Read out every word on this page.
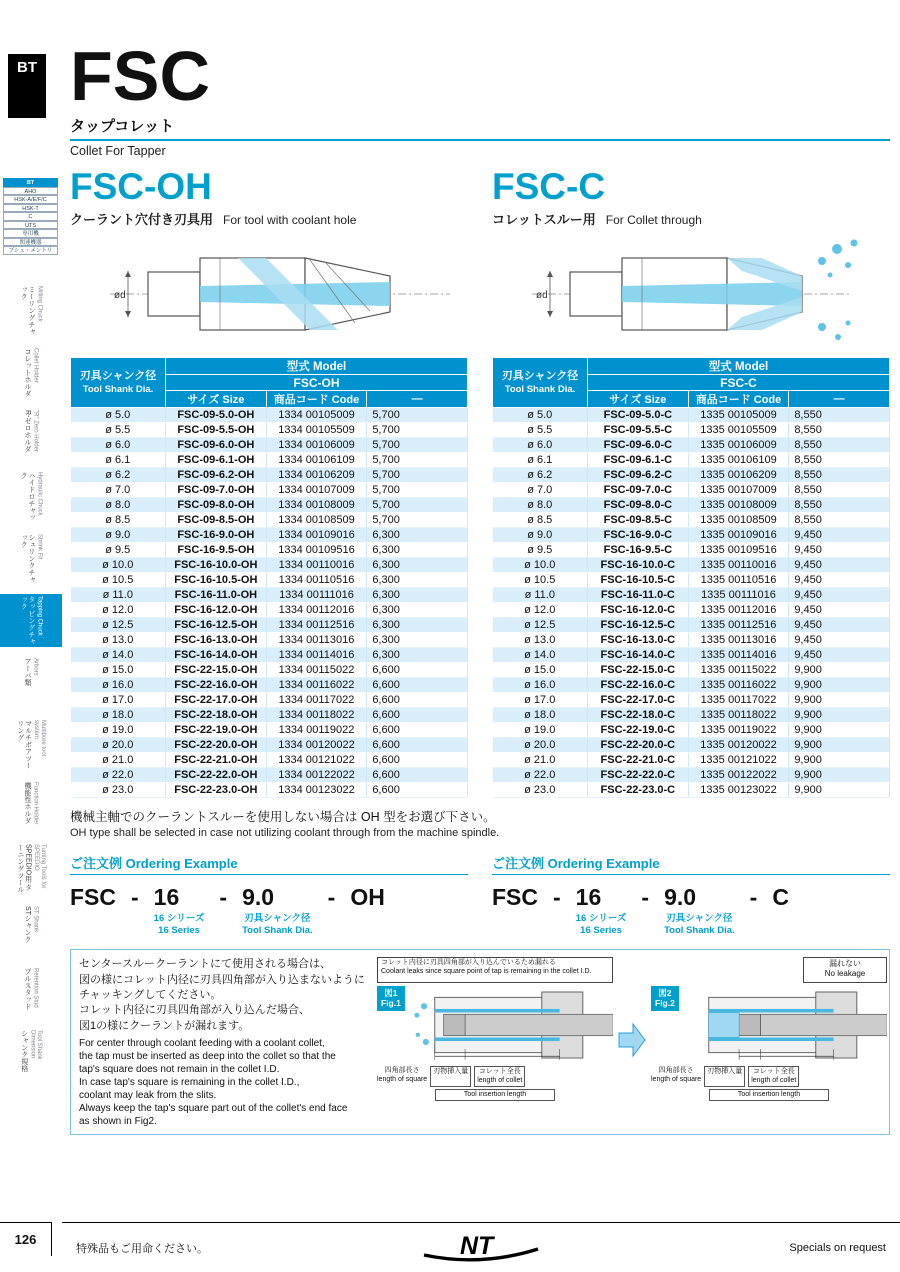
BT
BT
AHO
HSK-A/E/F/C
HSK-T
C
UTS
専用機
関連機器
ブシュ・メントリ
ミーリングチャック	Milling Chuck
コレットホルダ Collet Holder
R-ゼロホルダ "R" Zero Holder
ハイドロチャック	Hydraulic Chuck
シュリンクチャック	Shrink Fit
タッピングチャック	Tapping Chuck
アーバ類 Arbors
マルチボアツーリング	Multibore tool system
機能性ホルダ Function Holder
SPEEDIO用 ターニングツール	Turning Tools for SPEEDIO
STシャンク ST Shank
プルスタッド Retention Stud
シャンク規格	Tool Shank Dimension
126
FSC
タップコレット
Collet For Tapper
FSC-OH
クーラント穴付き刃具用 For tool with coolant hole
ød
刃具シャンク径
Tool Shank Dia.	型式 Model		
	FSC-OH		
	サイズ Size	商品コード Code	—
ø 5.0	FSC-09-5.0-OH	1334 00105009	5,700
ø 5.5	FSC-09-5.5-OH	1334 00105509	5,700
ø 6.0	FSC-09-6.0-OH	1334 00106009	5,700
ø 6.1	FSC-09-6.1-OH	1334 00106109	5,700
ø 6.2	FSC-09-6.2-OH	1334 00106209	5,700
ø 7.0	FSC-09-7.0-OH	1334 00107009	5,700
ø 8.0	FSC-09-8.0-OH	1334 00108009	5,700
ø 8.5	FSC-09-8.5-OH	1334 00108509	5,700
ø 9.0	FSC-16-9.0-OH	1334 00109016	6,300
ø 9.5	FSC-16-9.5-OH	1334 00109516	6,300
ø 10.0	FSC-16-10.0-OH	1334 00110016	6,300
ø 10.5	FSC-16-10.5-OH	1334 00110516	6,300
ø 11.0	FSC-16-11.0-OH	1334 00111016	6,300
ø 12.0	FSC-16-12.0-OH	1334 00112016	6,300
ø 12.5	FSC-16-12.5-OH	1334 00112516	6,300
ø 13.0	FSC-16-13.0-OH	1334 00113016	6,300
ø 14.0	FSC-16-14.0-OH	1334 00114016	6,300
ø 15.0	FSC-22-15.0-OH	1334 00115022	6,600
ø 16.0	FSC-22-16.0-OH	1334 00116022	6,600
ø 17.0	FSC-22-17.0-OH	1334 00117022	6,600
ø 18.0	FSC-22-18.0-OH	1334 00118022	6,600
ø 19.0	FSC-22-19.0-OH	1334 00119022	6,600
ø 20.0	FSC-22-20.0-OH	1334 00120022	6,600
ø 21.0	FSC-22-21.0-OH	1334 00121022	6,600
ø 22.0	FSC-22-22.0-OH	1334 00122022	6,600
ø 23.0	FSC-22-23.0-OH	1334 00123022	6,600
FSC-C
コレットスルー用 For Collet through
ød
刃具シャンク径
Tool Shank Dia.	型式 Model		
	FSC-C		
	サイズ Size	商品コード Code	—
ø 5.0	FSC-09-5.0-C	1335 00105009	8,550
ø 5.5	FSC-09-5.5-C	1335 00105509	8,550
ø 6.0	FSC-09-6.0-C	1335 00106009	8,550
ø 6.1	FSC-09-6.1-C	1335 00106109	8,550
ø 6.2	FSC-09-6.2-C	1335 00106209	8,550
ø 7.0	FSC-09-7.0-C	1335 00107009	8,550
ø 8.0	FSC-09-8.0-C	1335 00108009	8,550
ø 8.5	FSC-09-8.5-C	1335 00108509	8,550
ø 9.0	FSC-16-9.0-C	1335 00109016	9,450
ø 9.5	FSC-16-9.5-C	1335 00109516	9,450
ø 10.0	FSC-16-10.0-C	1335 00110016	9,450
ø 10.5	FSC-16-10.5-C	1335 00110516	9,450
ø 11.0	FSC-16-11.0-C	1335 00111016	9,450
ø 12.0	FSC-16-12.0-C	1335 00112016	9,450
ø 12.5	FSC-16-12.5-C	1335 00112516	9,450
ø 13.0	FSC-16-13.0-C	1335 00113016	9,450
ø 14.0	FSC-16-14.0-C	1335 00114016	9,450
ø 15.0	FSC-22-15.0-C	1335 00115022	9,900
ø 16.0	FSC-22-16.0-C	1335 00116022	9,900
ø 17.0	FSC-22-17.0-C	1335 00117022	9,900
ø 18.0	FSC-22-18.0-C	1335 00118022	9,900
ø 19.0	FSC-22-19.0-C	1335 00119022	9,900
ø 20.0	FSC-22-20.0-C	1335 00120022	9,900
ø 21.0	FSC-22-21.0-C	1335 00121022	9,900
ø 22.0	FSC-22-22.0-C	1335 00122022	9,900
ø 23.0	FSC-22-23.0-C	1335 00123022	9,900
機械主軸でのクーラントスルーを使用しない場合は OH 型をお選び下さい。
OH type shall be selected in case not utilizing coolant through from the machine spindle.
ご注文例 Ordering Example
FSC - 16	- 9.0	- OH
16 シリーズ
16 Series
刃具シャンク径
Tool Shank Dia.
ご注文例 Ordering Example
FSC - 16	- 9.0	- C
16 シリーズ
16 Series
刃具シャンク径
Tool Shank Dia.
センタースルークーラントにて使用される場合は、
図の様にコレット内径に刃具四角部が入り込まないように
チャッキングしてください。
コレット内径に刃具四角部が入り込んだ場合、
図1の様にクーラントが漏れます。
For center through coolant feeding with a coolant collet,
the tap must be inserted as deep into the collet so that the
tap's square does not remain in the collet I.D.
In case tap's square is remaining in the collet I.D.,
coolant may leak from the slits.
Always keep the tap's square part out of the collet's end face
as shown in Fig2.
コレット内径に刃具四角部が入り込んでいるため漏れる
Coolant leaks since square point of tap is remaining in the collet I.D.
図1
Fig.1
四角部長さ
length of square
刃物挿入量	コレット全長
length of collet
Tool insertion length
漏れない
No leakage
図2
Fig.2
四角部長さ
length of square
刃物挿入量	コレット全長
length of collet
Tool insertion length
特殊品もご用命ください。	NT	Specials on request
